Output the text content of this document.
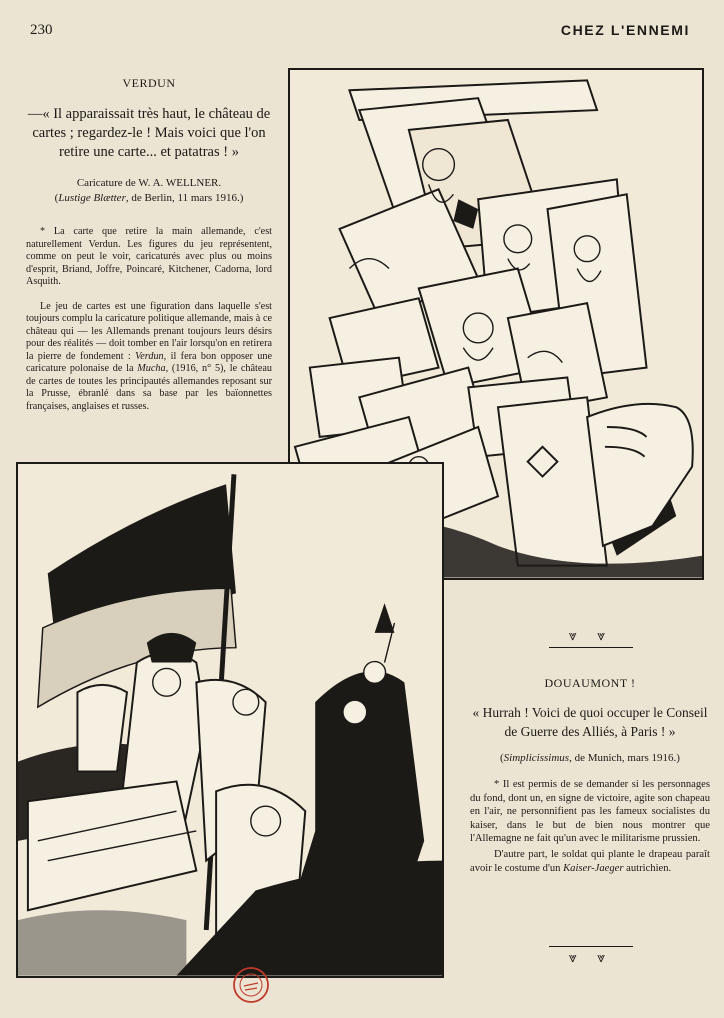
230	CHEZ L'ENNEMI
VERDUN
—« Il apparaissait très haut, le château de cartes ; regardez-le ! Mais voici que l'on retire une carte... et patatras ! »
Caricature de W. A. WELLNER.
(Lustige Blætter, de Berlin, 11 mars 1916.)

* La carte que retire la main allemande, c'est naturellement Verdun. Les figures du jeu représentent, comme on peut le voir, caricaturés avec plus ou moins d'esprit, Briand, Joffre, Poincaré, Kitchener, Cadorna, lord Asquith.

Le jeu de cartes est une figuration dans laquelle s'est toujours complu la caricature politique allemande, mais à ce château qui — les Allemands prenant toujours leurs désirs pour des réalités — doit tomber en l'air lorsqu'on en retirera la pierre de fondement : Verdun, il fera bon opposer une caricature polonaise de la Mucha, (1916, n° 5), le château de cartes de toutes les principautés allemandes reposant sur la Prusse, ébranlé dans sa base par les baïonnettes françaises, anglaises et russes.

⩔ ⩔
DOUAUMONT !
« Hurrah ! Voici de quoi occuper le Conseil de Guerre des Alliés, à Paris ! »
(Simplicissimus, de Munich, mars 1916.)

* Il est permis de se demander si les personnages du fond, dont un, en signe de victoire, agite son chapeau en l'air, ne personnifient pas les fameux socialistes du kaiser, dans le but de bien nous montrer que l'Allemagne ne fait qu'un avec le militarisme prussien.

D'autre part, le soldat qui plante le drapeau paraît avoir le costume d'un Kaiser-Jaeger autrichien.

⩔ ⩔
